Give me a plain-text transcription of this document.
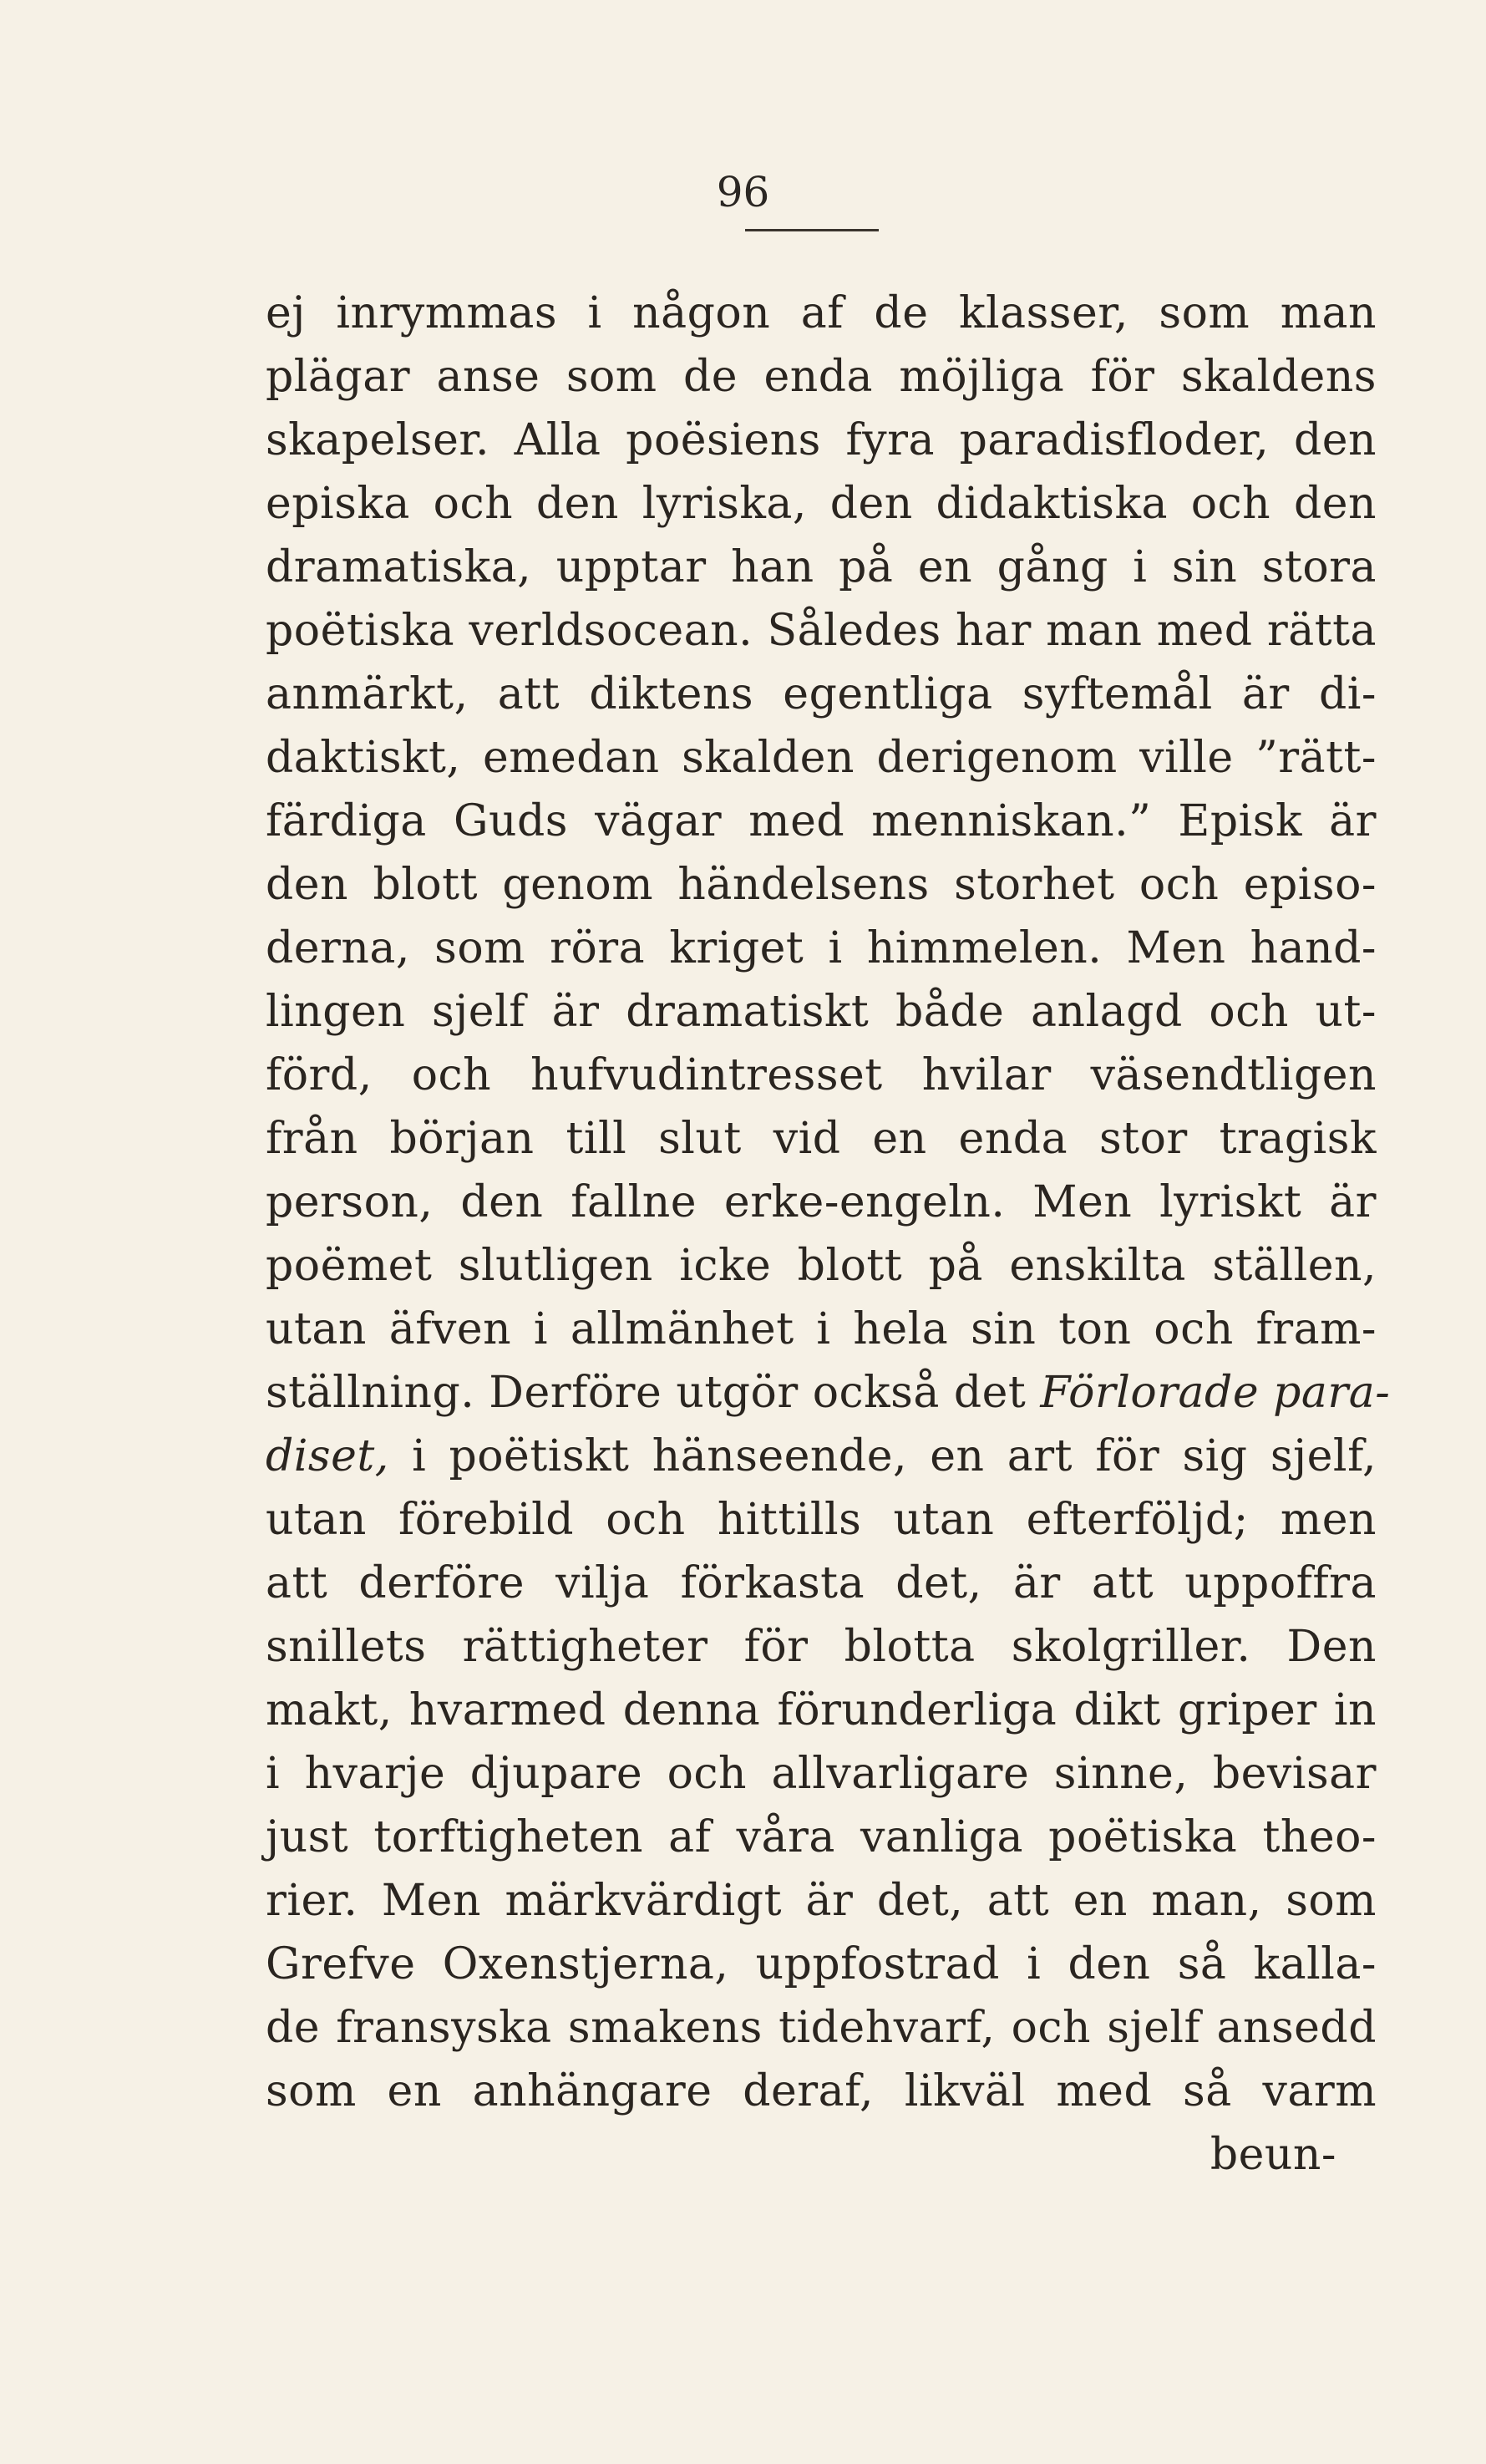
96
ej inrymmas i någon af de klasser, som man
plägar anse som de enda möjliga för skaldens
skapelser. Alla poësiens fyra paradisfloder, den
episka och den lyriska, den didaktiska och den
dramatiska, upptar han på en gång i sin stora
poëtiska verldsocean. Således har man med rätta
anmärkt, att diktens egentliga syftemål är di-
daktiskt, emedan skalden derigenom ville ”rätt-
färdiga Guds vägar med menniskan.” Episk är
den blott genom händelsens storhet och episo-
derna, som röra kriget i himmelen. Men hand-
lingen sjelf är dramatiskt både anlagd och ut-
förd, och hufvudintresset hvilar väsendtligen
från början till slut vid en enda stor tragisk
person, den fallne erke-engeln. Men lyriskt är
poëmet slutligen icke blott på enskilta ställen,
utan äfven i allmänhet i hela sin ton och fram-
ställning. Derföre utgör också det Förlorade para-
diset, i poëtiskt hänseende, en art för sig sjelf,
utan förebild och hittills utan efterföljd; men
att derföre vilja förkasta det, är att uppoffra
snillets rättigheter för blotta skolgriller. Den
makt, hvarmed denna förunderliga dikt griper in
i hvarje djupare och allvarligare sinne, bevisar
just torftigheten af våra vanliga poëtiska theo-
rier. Men märkvärdigt är det, att en man, som
Grefve Oxenstjerna, uppfostrad i den så kalla-
de fransyska smakens tidehvarf, och sjelf ansedd
som en anhängare deraf, likväl med så varm
beun-
